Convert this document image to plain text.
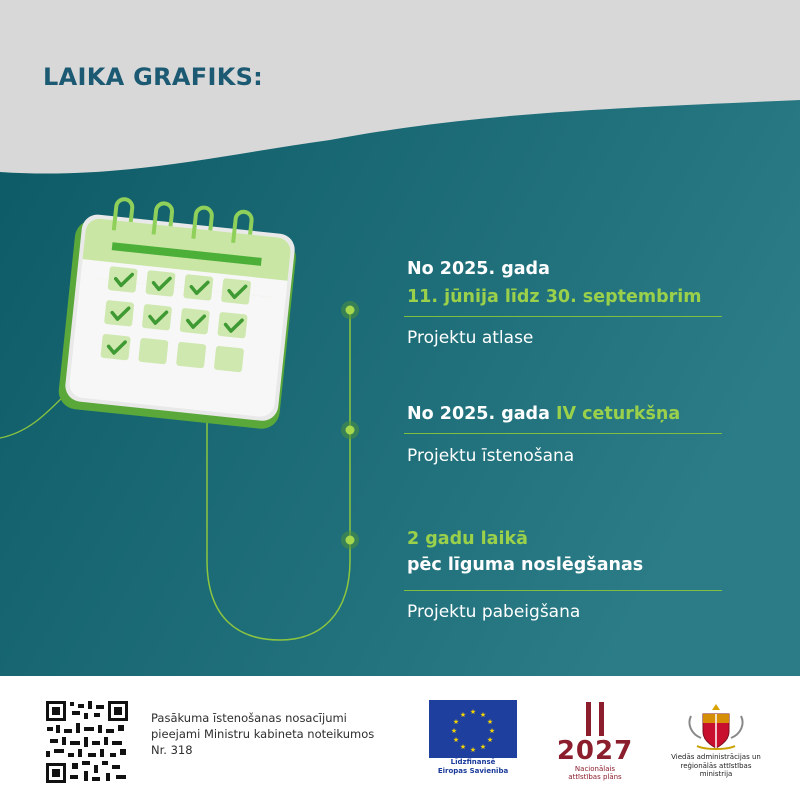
LAIKA GRAFIKS:
No 2025. gada
11. jūnija līdz 30. septembrim
Projektu atlase
No 2025. gada IV ceturkšņa
Projektu īstenošana
2 gadu laikā
pēc līguma noslēgšanas
Projektu pabeigšana
Pasākuma īstenošanas nosacījumi pieejami Ministru kabineta noteikumos Nr. 318
★ ★
★
★
★
★
★
★
★
★
★
★
Līdzfinansē
Eiropas Savienība
2027
Nacionālais
attīstības plāns
Viedās administrācijas un
reģionālās attīstības
ministrija
